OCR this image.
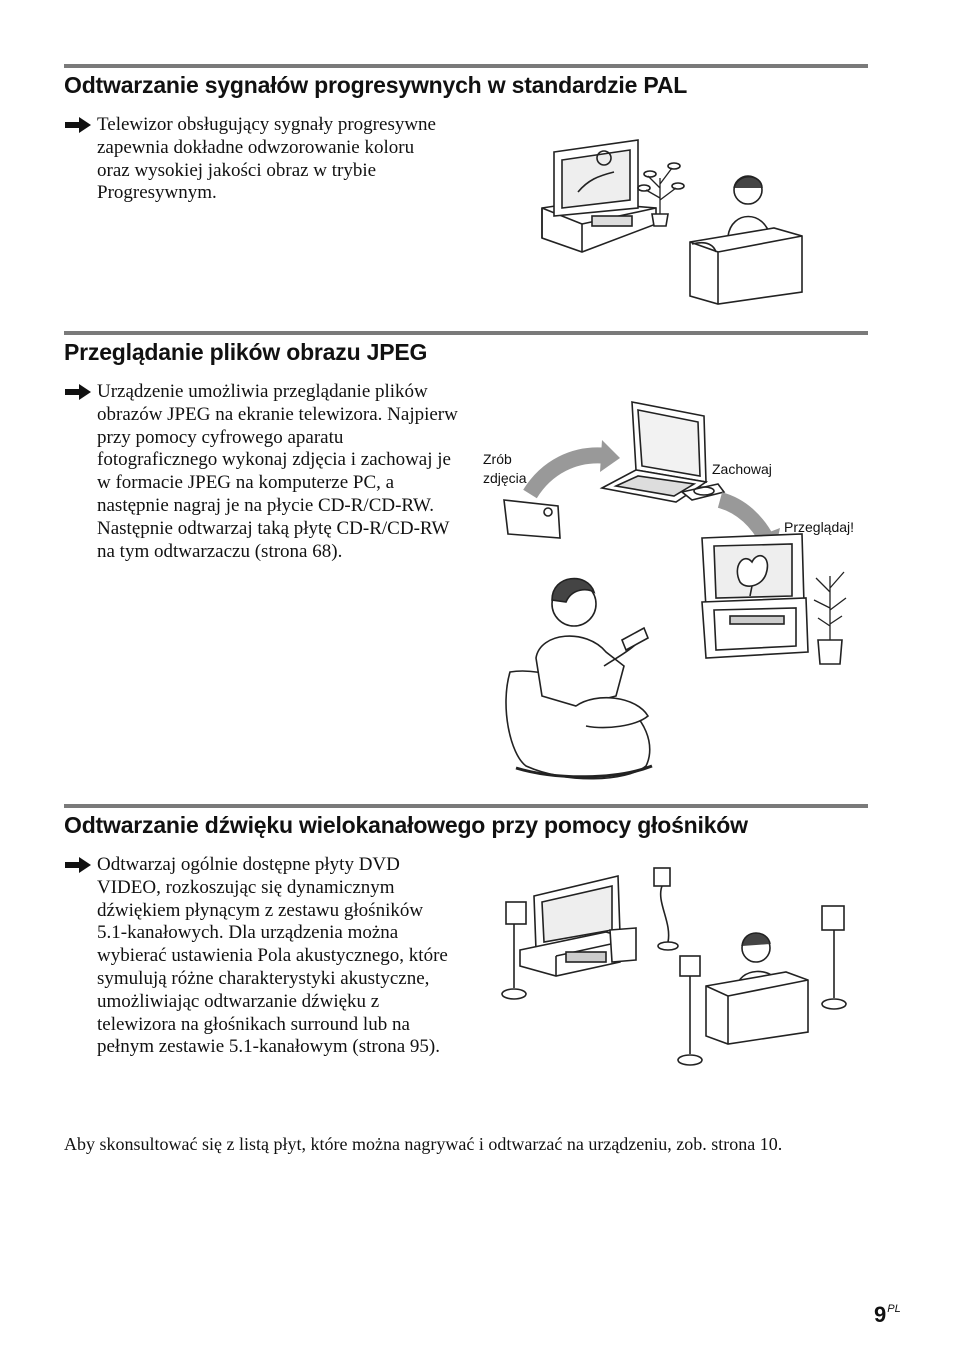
Odtwarzanie sygnałów progresywnych w standardzie PAL
Telewizor obsługujący sygnały progresywne zapewnia dokładne odwzorowanie koloru oraz wysokiej jakości obraz w trybie Progresywnym.
Przeglądanie plików obrazu JPEG
Urządzenie umożliwia przeglądanie plików obrazów JPEG na ekranie telewizora. Najpierw przy pomocy cyfrowego aparatu fotograficznego wykonaj zdjęcia i zachowaj je w formacie JPEG na komputerze PC, a następnie nagraj je na płycie CD-R/CD-RW. Następnie odtwarzaj taką płytę CD-R/CD-RW na tym odtwarzaczu (strona 68).
Zrób
zdjęcia
Zachowaj
Przeglądaj!
Odtwarzanie dźwięku wielokanałowego przy pomocy głośników
Odtwarzaj ogólnie dostępne płyty DVD VIDEO, rozkoszując się dynamicznym dźwiękiem płynącym z zestawu głośników 5.1-kanałowych. Dla urządzenia można wybierać ustawienia Pola akustycznego, które symulują różne charakterystyki akustyczne, umożliwiając odtwarzanie dźwięku z telewizora na głośnikach surround lub na pełnym zestawie 5.1-kanałowym (strona 95).
Aby skonsultować się z listą płyt, które można nagrywać i odtwarzać na urządzeniu, zob. strona 10.
$9^{PL}$
